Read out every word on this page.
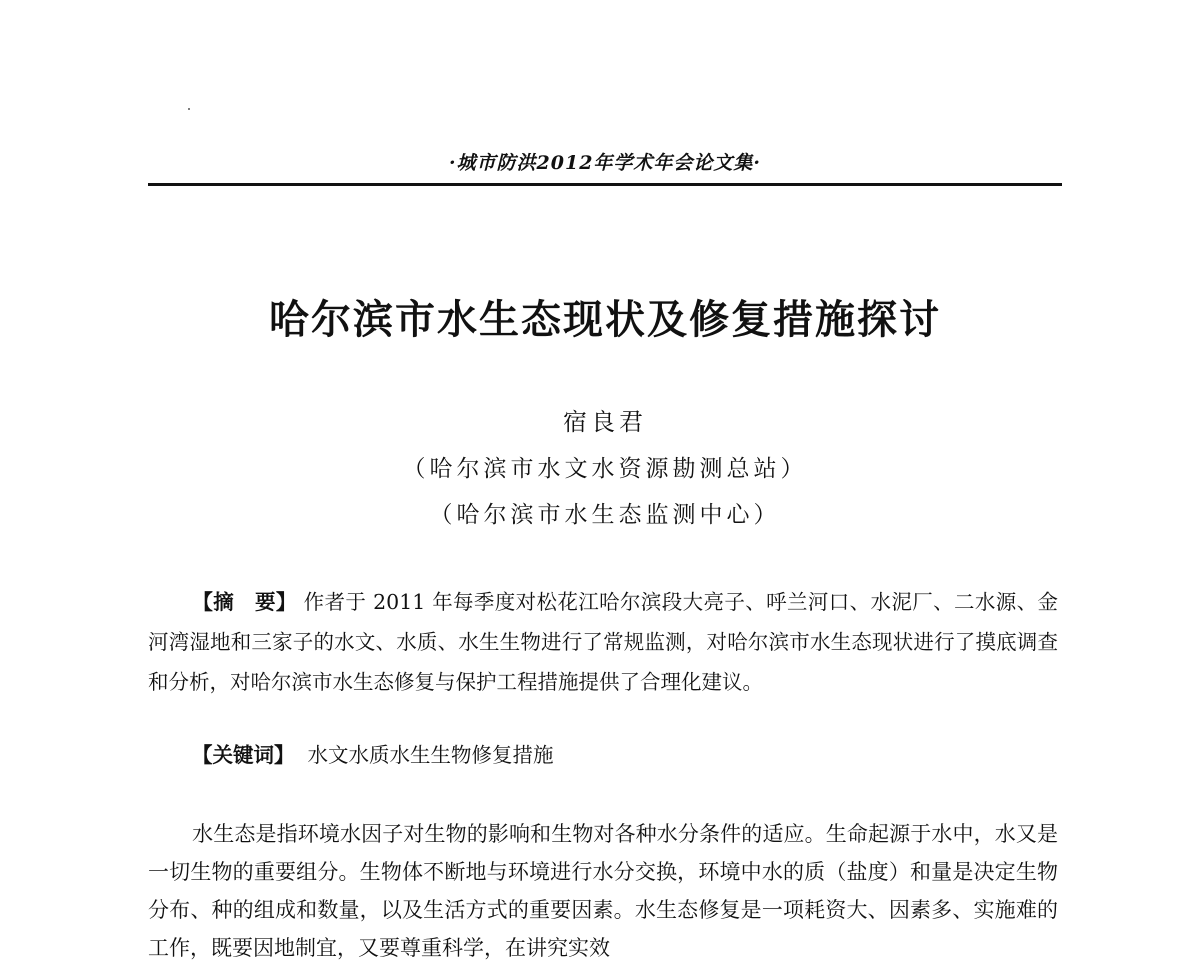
·城市防洪2012年学术年会论文集·
哈尔滨市水生态现状及修复措施探讨
宿良君
（哈尔滨市水文水资源勘测总站）
（哈尔滨市水生态监测中心）

【摘　要】 作者于 2011 年每季度对松花江哈尔滨段大亮子、呼兰河口、水泥厂、二水源、金河湾湿地和三家子的水文、水质、水生生物进行了常规监测，对哈尔滨市水生态现状进行了摸底调查和分析，对哈尔滨市水生态修复与保护工程措施提供了合理化建议。

【关键词】 水文水质水生生物修复措施

水生态是指环境水因子对生物的影响和生物对各种水分条件的适应。生命起源于水中，水又是一切生物的重要组分。生物体不断地与环境进行水分交换，环境中水的质（盐度）和量是决定生物分布、种的组成和数量，以及生活方式的重要因素。水生态修复是一项耗资大、因素多、实施难的工作，既要因地制宜，又要尊重科学，在讲究实效
